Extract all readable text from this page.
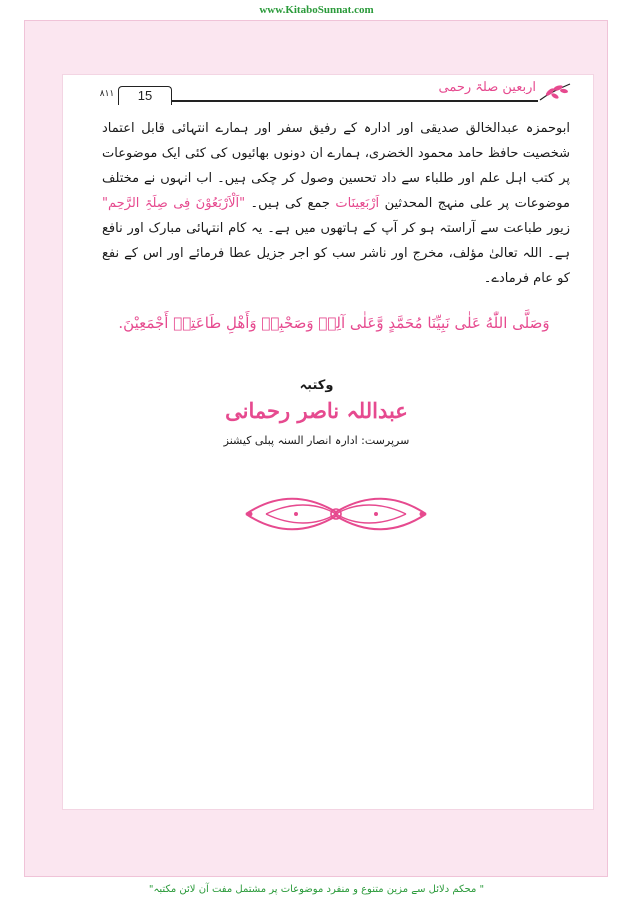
www.KitaboSunnat.com
۸۱۱	15
اربعین صلۃ رحمی
ابوحمزہ عبدالخالق صدیقی اور ادارہ کے رفیق سفر اور ہمارے انتہائی قابل اعتماد شخصیت حافظ حامد محمود الخضری، ہمارے ان دونوں بھائیوں کی کئی ایک موضوعات پر کتب اہل علم اور طلباء سے داد تحسین وصول کر چکی ہیں۔ اب انہوں نے مختلف موضوعات پر علی منہج المحدثین اَرْبَعِینَات جمع کی ہیں۔ "اَلْاَرْبَعُوْنَ فِی صِلَۃِ الرَّحِم" زیور طباعت سے آراستہ ہو کر آپ کے ہاتھوں میں ہے۔ یہ کام انتہائی مبارک اور نافع ہے۔ اللہ تعالیٰ مؤلف، مخرج اور ناشر سب کو اجر جزیل عطا فرمائے اور اس کے نفع کو عام فرمادے۔
وَصَلَّى اللّٰهُ عَلٰى نَبِيِّنَا مُحَمَّدٍ وَّعَلٰى آلِهٖ وَصَحْبِهٖ وَأَهْلِ طَاعَتِهٖ أَجْمَعِيْنَ.
وکتبہ
عبداللہ ناصر رحمانی
سرپرست: ادارہ انصار السنہ پبلی کیشنز
" محکم دلائل سے مزین متنوع و منفرد موضوعات پر مشتمل مفت آن لائن مکتبہ"
